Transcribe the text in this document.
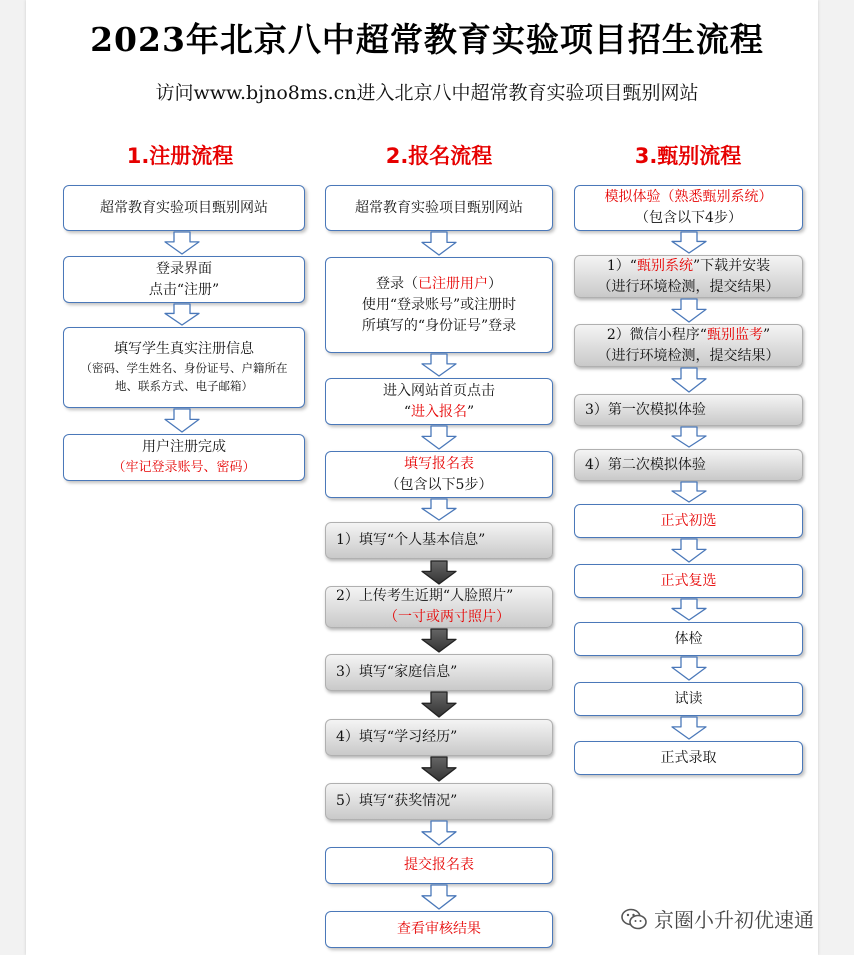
2023年北京八中超常教育实验项目招生流程
访问www.bjno8ms.cn进入北京八中超常教育实验项目甄别网站
1.注册流程	2.报名流程	3.甄别流程
超常教育实验项目甄别网站
登录界面
点击“注册”
填写学生真实注册信息
（密码、学生姓名、身份证号、户籍所在地、联系方式、电子邮箱）
用户注册完成
（牢记登录账号、密码）
超常教育实验项目甄别网站
登录（已注册用户）
使用“登录账号”或注册时
所填写的“身份证号”登录
进入网站首页点击
“进入报名”
填写报名表
（包含以下5步）
1）填写“个人基本信息”
2）上传考生近期“人脸照片”
（一寸或两寸照片）
3）填写“家庭信息”
4）填写“学习经历”
5）填写“获奖情况”
提交报名表
查看审核结果
模拟体验（熟悉甄别系统）
（包含以下4步）
1）“甄别系统”下载并安装
（进行环境检测，提交结果）
2）微信小程序“甄别监考”
（进行环境检测，提交结果）
3）第一次模拟体验
4）第二次模拟体验
正式初选
正式复选
体检
试读
正式录取
京圈小升初优速通
